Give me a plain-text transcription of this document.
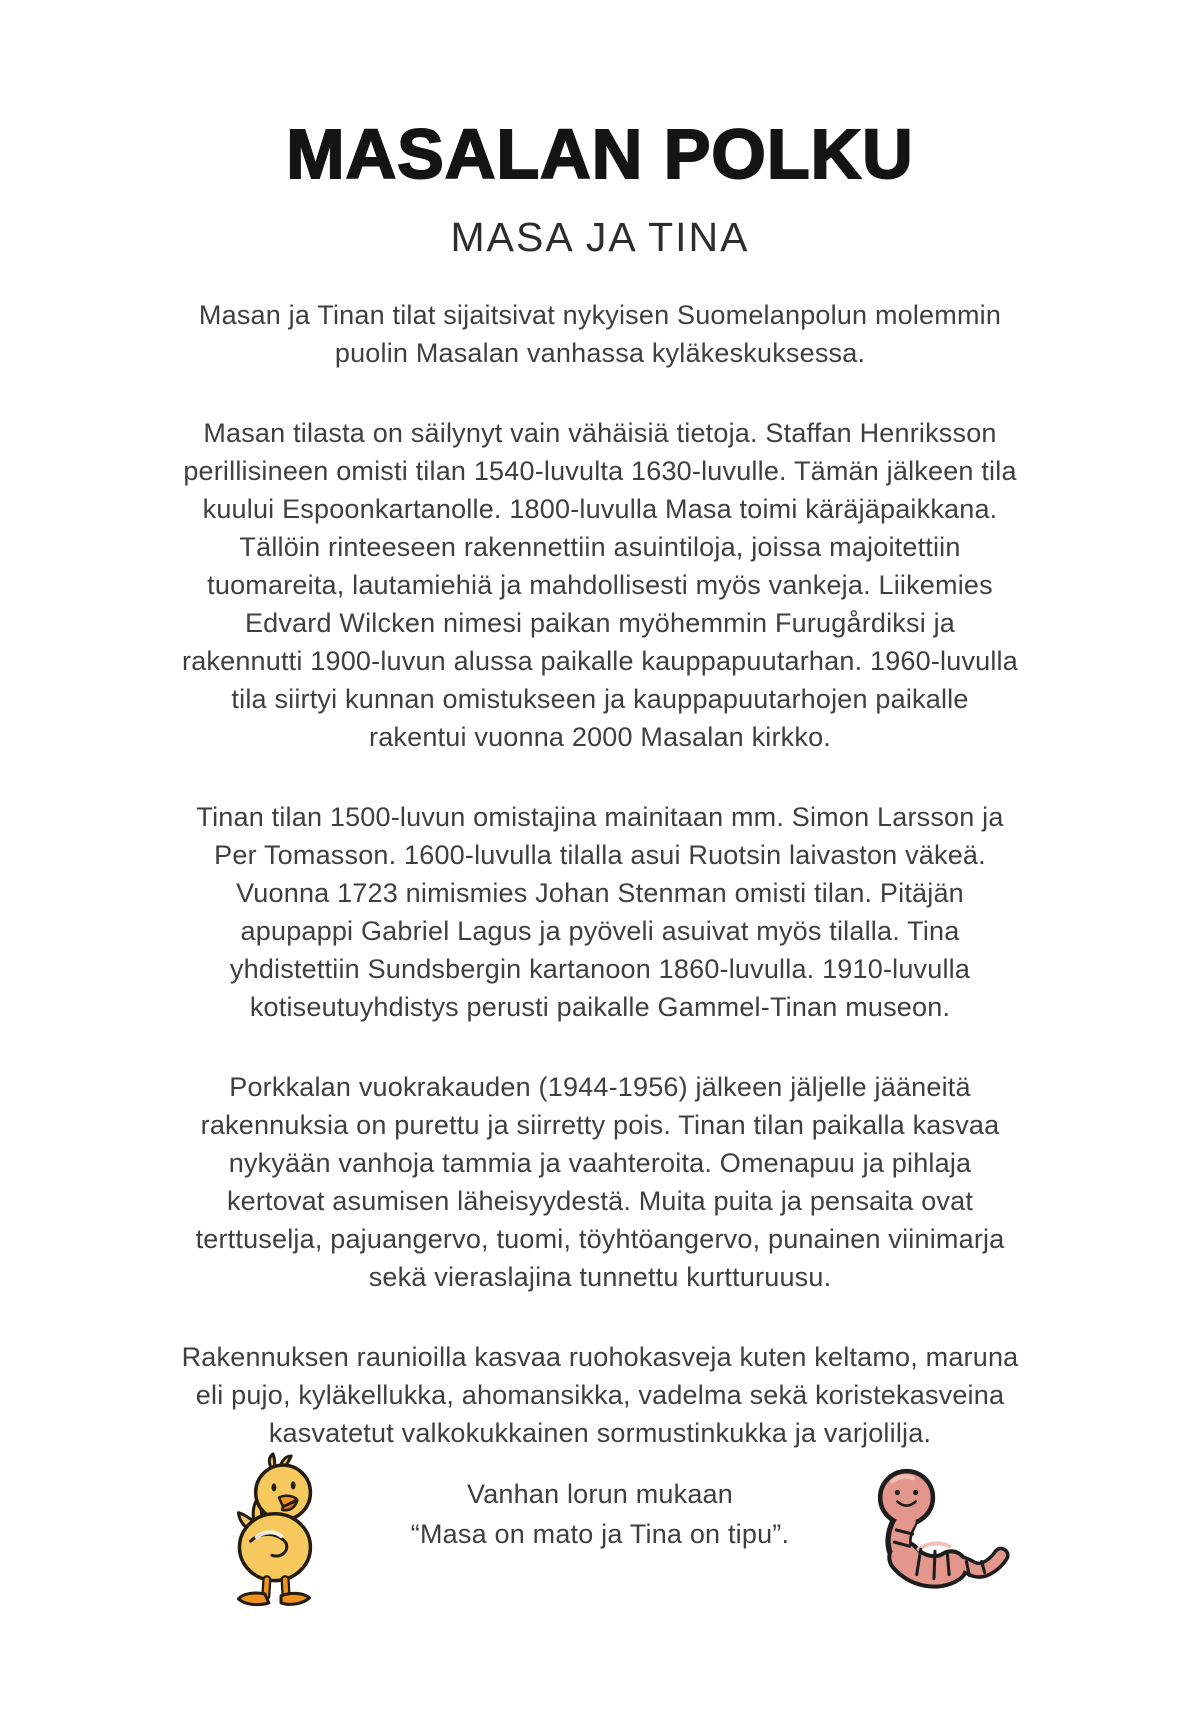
MASALAN POLKU
MASA JA TINA

Masan ja Tinan tilat sijaitsivat nykyisen Suomelanpolun molemmin
puolin Masalan vanhassa kyläkeskuksessa.

Masan tilasta on säilynyt vain vähäisiä tietoja. Staffan Henriksson
perillisineen omisti tilan 1540-luvulta 1630-luvulle. Tämän jälkeen tila
kuului Espoonkartanolle. 1800-luvulla Masa toimi käräjäpaikkana.
Tällöin rinteeseen rakennettiin asuintiloja, joissa majoitettiin
tuomareita, lautamiehiä ja mahdollisesti myös vankeja. Liikemies
Edvard Wilcken nimesi paikan myöhemmin Furugårdiksi ja
rakennutti 1900-luvun alussa paikalle kauppapuutarhan. 1960-luvulla
tila siirtyi kunnan omistukseen ja kauppapuutarhojen paikalle
rakentui vuonna 2000 Masalan kirkko.

Tinan tilan 1500-luvun omistajina mainitaan mm. Simon Larsson ja
Per Tomasson. 1600-luvulla tilalla asui Ruotsin laivaston väkeä.
Vuonna 1723 nimismies Johan Stenman omisti tilan. Pitäjän
apupappi Gabriel Lagus ja pyöveli asuivat myös tilalla. Tina
yhdistettiin Sundsbergin kartanoon 1860-luvulla. 1910-luvulla
kotiseutuyhdistys perusti paikalle Gammel-Tinan museon.

Porkkalan vuokrakauden (1944-1956) jälkeen jäljelle jääneitä
rakennuksia on purettu ja siirretty pois. Tinan tilan paikalla kasvaa
nykyään vanhoja tammia ja vaahteroita. Omenapuu ja pihlaja
kertovat asumisen läheisyydestä. Muita puita ja pensaita ovat
terttuselja, pajuangervo, tuomi, töyhtöangervo, punainen viinimarja
sekä vieraslajina tunnettu kurtturuusu.

Rakennuksen raunioilla kasvaa ruohokasveja kuten keltamo, maruna
eli pujo, kyläkellukka, ahomansikka, vadelma sekä koristekasveina
kasvatetut valkokukkainen sormustinkukka ja varjolilja.

Vanhan lorun mukaan
“Masa on mato ja Tina on tipu”.
